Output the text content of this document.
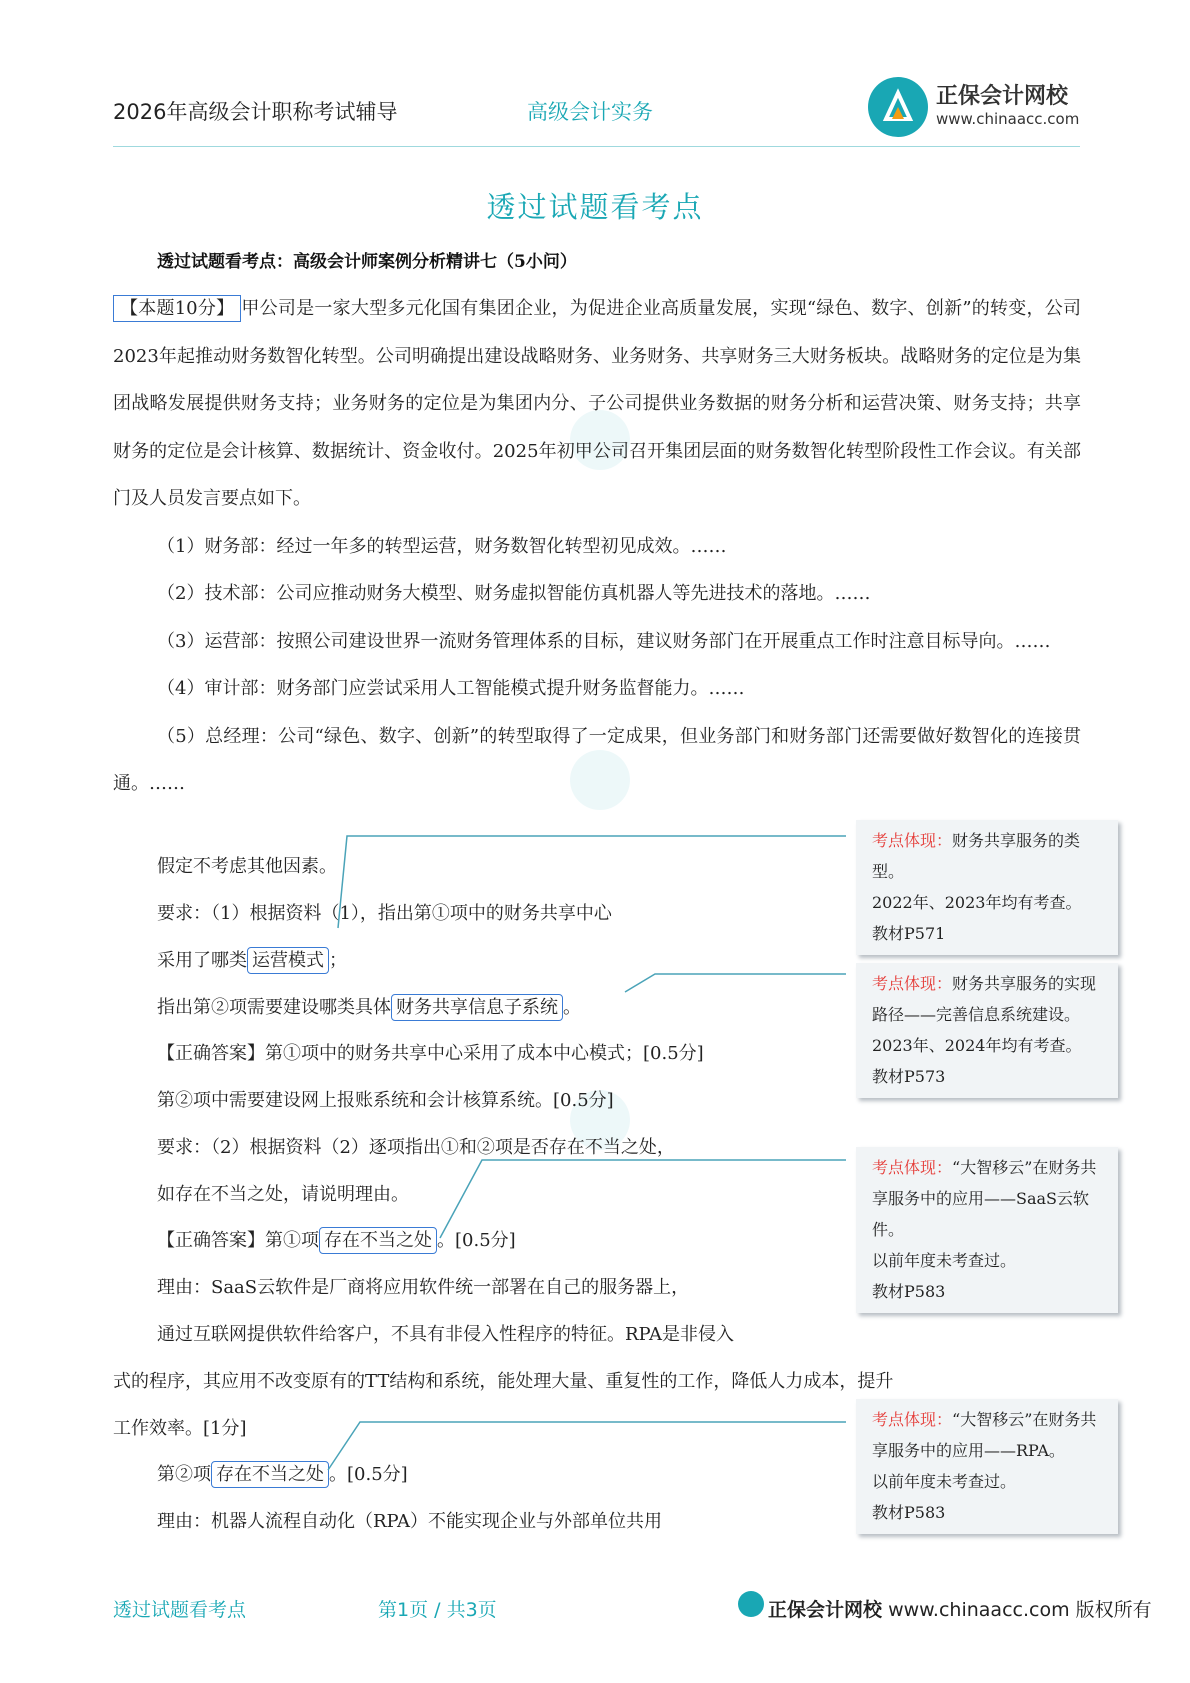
2026年高级会计职称考试辅导	高级会计实务
正保会计网校
www.chinaacc.com
透过试题看考点
透过试题看考点：高级会计师案例分析精讲七（5小问）

【本题10分】 甲公司是一家大型多元化国有集团企业，为促进企业高质量发展，实现“绿色、数字、创新”的转变，公司2023年起推动财务数智化转型。公司明确提出建设战略财务、业务财务、共享财务三大财务板块。战略财务的定位是为集团战略发展提供财务支持；业务财务的定位是为集团内分、子公司提供业务数据的财务分析和运营决策、财务支持；共享财务的定位是会计核算、数据统计、资金收付。2025年初甲公司召开集团层面的财务数智化转型阶段性工作会议。有关部门及人员发言要点如下。

（1）财务部：经过一年多的转型运营，财务数智化转型初见成效。……

（2）技术部：公司应推动财务大模型、财务虚拟智能仿真机器人等先进技术的落地。……

（3）运营部：按照公司建设世界一流财务管理体系的目标，建议财务部门在开展重点工作时注意目标导向。……

（4）审计部：财务部门应尝试采用人工智能模式提升财务监督能力。……

（5）总经理：公司“绿色、数字、创新”的转型取得了一定成果，但业务部门和财务部门还需要做好数智化的连接贯通。……

假定不考虑其他因素。
要求：（1）根据资料（1），指出第①项中的财务共享中心
采用了哪类 运营模式 ；
指出第②项需要建设哪类具体 财务共享信息子系统 。
【正确答案】第①项中的财务共享中心采用了成本中心模式；[0.5分]
第②项中需要建设网上报账系统和会计核算系统。[0.5分]
要求：（2）根据资料（2）逐项指出①和②项是否存在不当之处，
如存在不当之处，请说明理由。
【正确答案】第①项 存在不当之处 。[0.5分]
理由：SaaS云软件是厂商将应用软件统一部署在自己的服务器上，
通过互联网提供软件给客户，不具有非侵入性程序的特征。RPA是非侵入
式的程序，其应用不改变原有的TT结构和系统，能处理大量、重复性的工作，降低人力成本，提升
工作效率。[1分]
第②项 存在不当之处 。[0.5分]
理由：机器人流程自动化（RPA）不能实现企业与外部单位共用
考点体现：财务共享服务的类型。
2022年、2023年均有考查。
教材P571
考点体现：财务共享服务的实现路径——完善信息系统建设。
2023年、2024年均有考查。
教材P573
考点体现：“大智移云”在财务共享服务中的应用——SaaS云软件。
以前年度未考查过。
教材P583
考点体现：“大智移云”在财务共享服务中的应用——RPA。
以前年度未考查过。
教材P583
透过试题看考点	第1页 / 共3页	正保会计网校 www.chinaacc.com 版权所有
